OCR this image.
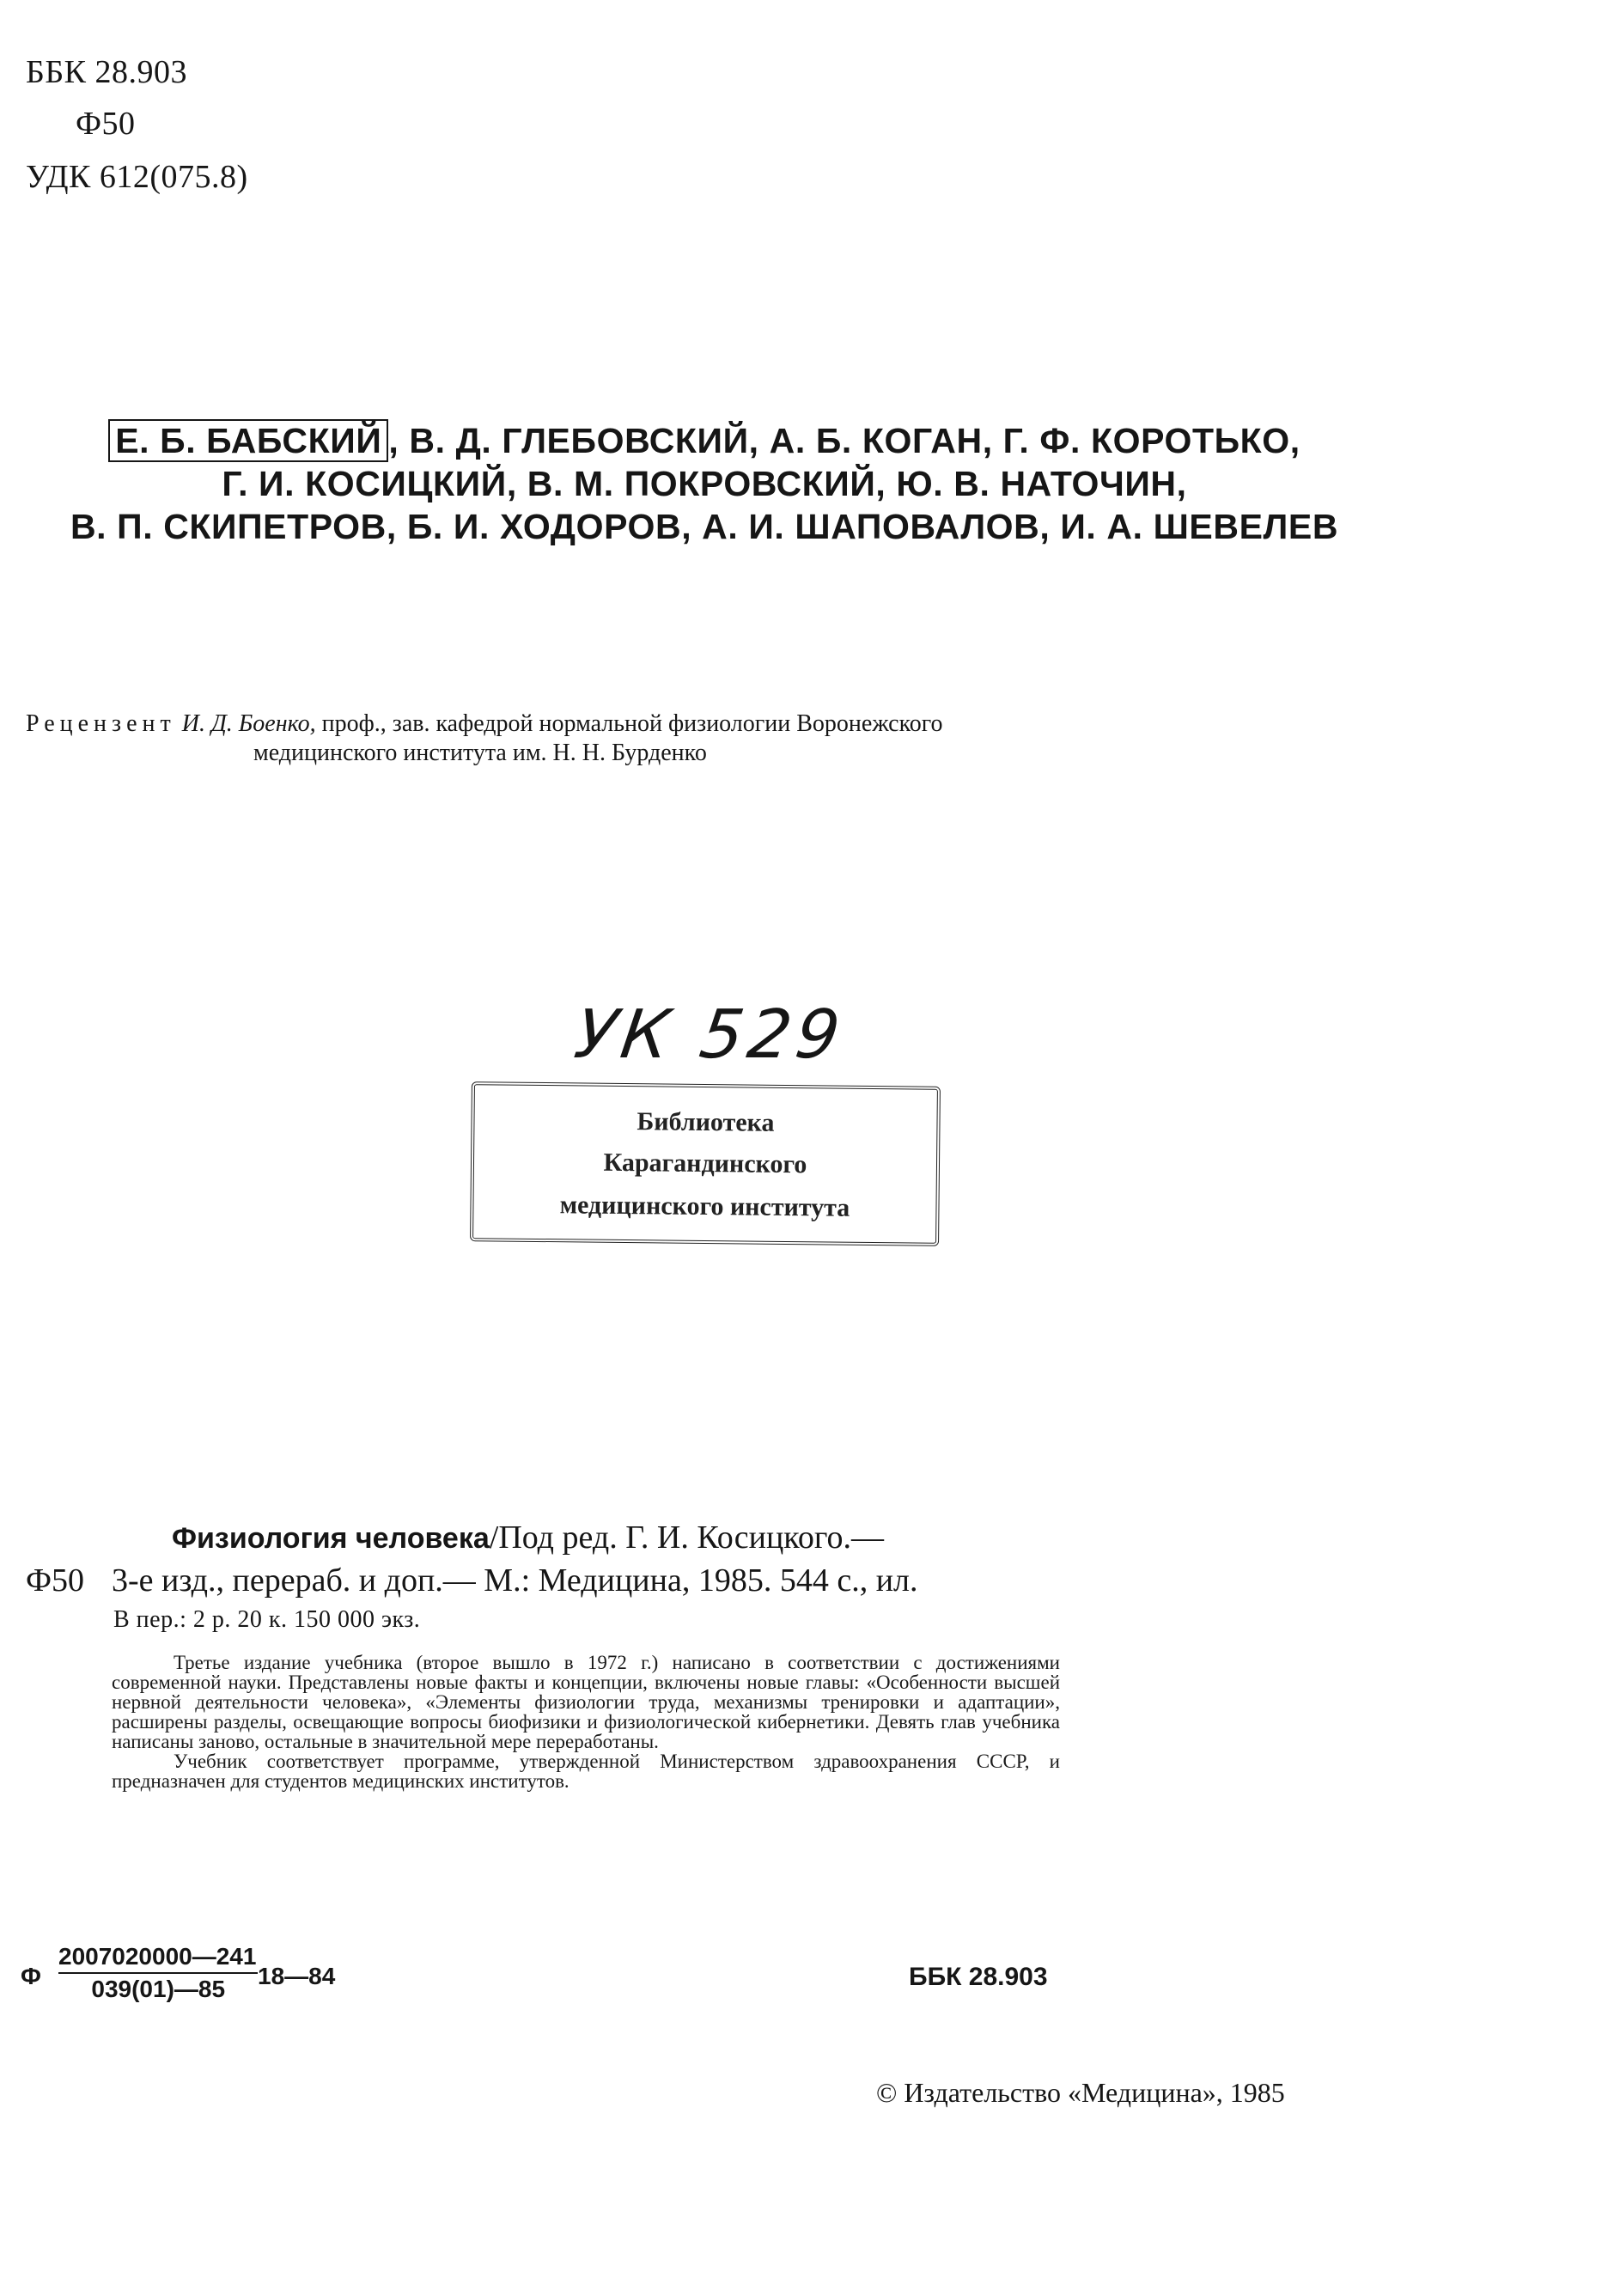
ББК 28.903
Ф50
УДК 612(075.8)
Е. Б. БАБСКИЙ , В. Д. ГЛЕБОВСКИЙ, А. Б. КОГАН, Г. Ф. КОРОТЬКО,
Г. И. КОСИЦКИЙ, В. М. ПОКРОВСКИЙ, Ю. В. НАТОЧИН,
В. П. СКИПЕТРОВ, Б. И. ХОДОРОВ, А. И. ШАПОВАЛОВ, И. А. ШЕВЕЛЕВ
Рецензент И. Д. Боенко, проф., зав. кафедрой нормальной физиологии Воронежского
медицинского института им. Н. Н. Бурденко
УК 529
Библиотека
Карагандинского
медицинского института
Физиология человека/Под ред. Г. И. Косицкого.—
Ф50 3-е изд., перераб. и доп.— М.: Медицина, 1985. 544 с., ил.
В пер.: 2 р. 20 к. 150 000 экз.

Третье издание учебника (второе вышло в 1972 г.) написано в соответствии с достижениями современной науки. Представлены новые факты и концепции, включены новые главы: «Особенности высшей нервной деятельности человека», «Элементы физиологии труда, механизмы тренировки и адаптации», расширены разделы, освещающие вопросы биофизики и физиологической кибернетики. Девять глав учебника написаны заново, остальные в значительной мере переработаны.

Учебник соответствует программе, утвержденной Министерством здравоохранения СССР, и предназначен для студентов медицинских институтов.

Ф $\frac{2007020000—241}{039(01)—85}$ 18—84	ББК 28.903
© Издательство «Медицина», 1985
